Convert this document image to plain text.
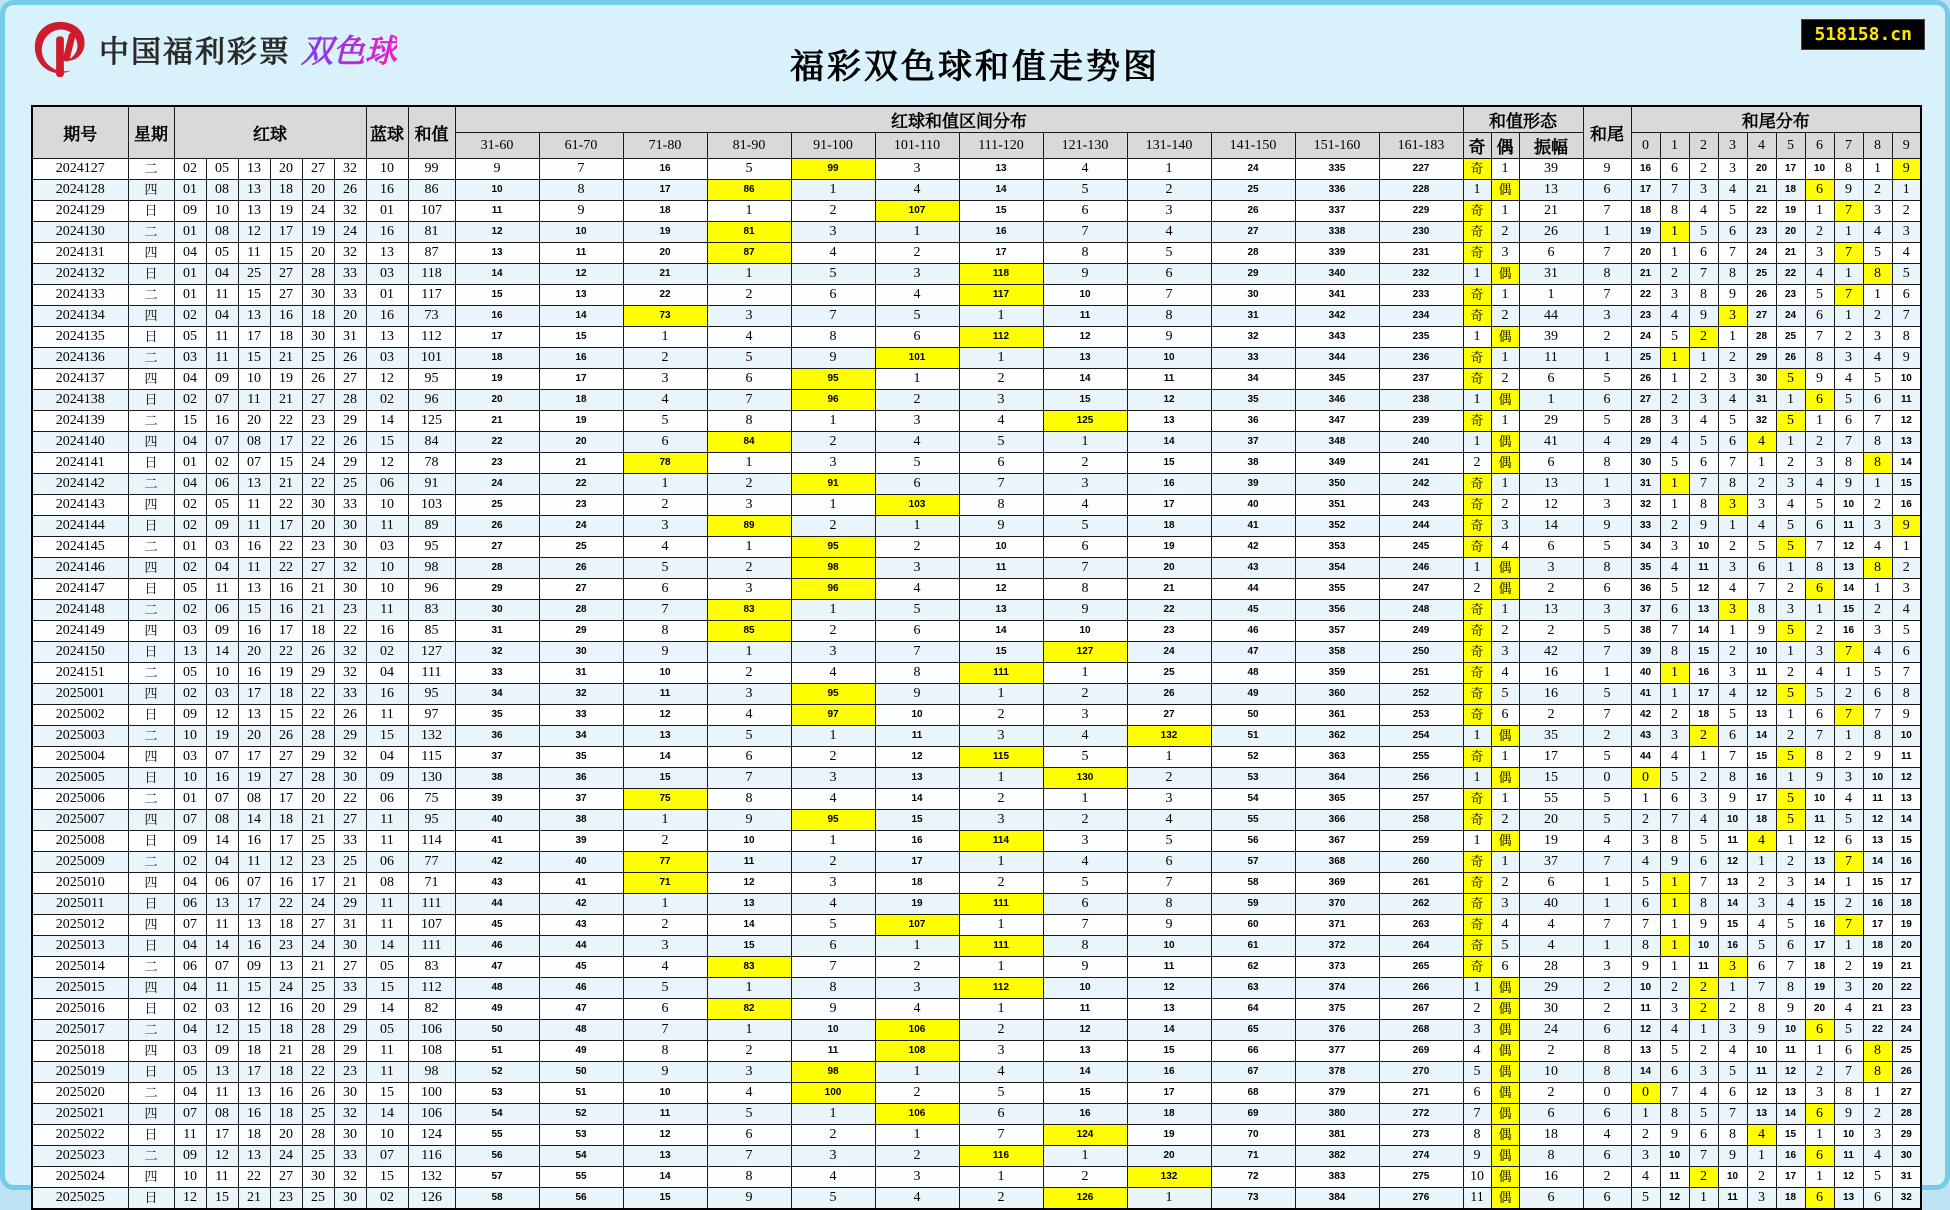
中国福利彩票 双色球	福彩双色球和值走势图
518158.cn
期号	星期	红球						蓝球	和值	红球和值区间分布												和值形态			和尾	和尾分布									
										31-60	61-70	71-80	81-90	91-100	101-110	111-120	121-130	131-140	141-150	151-160	161-183	奇	偶	振幅		0	1	2	3	4	5	6	7	8	9
2024127	二	02	05	13	20	27	32	10	99	9	7	16	5	99	3	13	4	1	24	335	227	奇	1	39	9	16	6	2	3	20	17	10	8	1	9
2024128	四	01	08	13	18	20	26	16	86	10	8	17	86	1	4	14	5	2	25	336	228	1	偶	13	6	17	7	3	4	21	18	6	9	2	1
2024129	日	09	10	13	19	24	32	01	107	11	9	18	1	2	107	15	6	3	26	337	229	奇	1	21	7	18	8	4	5	22	19	1	7	3	2
2024130	二	01	08	12	17	19	24	16	81	12	10	19	81	3	1	16	7	4	27	338	230	奇	2	26	1	19	1	5	6	23	20	2	1	4	3
2024131	四	04	05	11	15	20	32	13	87	13	11	20	87	4	2	17	8	5	28	339	231	奇	3	6	7	20	1	6	7	24	21	3	7	5	4
2024132	日	01	04	25	27	28	33	03	118	14	12	21	1	5	3	118	9	6	29	340	232	1	偶	31	8	21	2	7	8	25	22	4	1	8	5
2024133	二	01	11	15	27	30	33	01	117	15	13	22	2	6	4	117	10	7	30	341	233	奇	1	1	7	22	3	8	9	26	23	5	7	1	6
2024134	四	02	04	13	16	18	20	16	73	16	14	73	3	7	5	1	11	8	31	342	234	奇	2	44	3	23	4	9	3	27	24	6	1	2	7
2024135	日	05	11	17	18	30	31	13	112	17	15	1	4	8	6	112	12	9	32	343	235	1	偶	39	2	24	5	2	1	28	25	7	2	3	8
2024136	二	03	11	15	21	25	26	03	101	18	16	2	5	9	101	1	13	10	33	344	236	奇	1	11	1	25	1	1	2	29	26	8	3	4	9
2024137	四	04	09	10	19	26	27	12	95	19	17	3	6	95	1	2	14	11	34	345	237	奇	2	6	5	26	1	2	3	30	5	9	4	5	10
2024138	日	02	07	11	21	27	28	02	96	20	18	4	7	96	2	3	15	12	35	346	238	1	偶	1	6	27	2	3	4	31	1	6	5	6	11
2024139	二	15	16	20	22	23	29	14	125	21	19	5	8	1	3	4	125	13	36	347	239	奇	1	29	5	28	3	4	5	32	5	1	6	7	12
2024140	四	04	07	08	17	22	26	15	84	22	20	6	84	2	4	5	1	14	37	348	240	1	偶	41	4	29	4	5	6	4	1	2	7	8	13
2024141	日	01	02	07	15	24	29	12	78	23	21	78	1	3	5	6	2	15	38	349	241	2	偶	6	8	30	5	6	7	1	2	3	8	8	14
2024142	二	04	06	13	21	22	25	06	91	24	22	1	2	91	6	7	3	16	39	350	242	奇	1	13	1	31	1	7	8	2	3	4	9	1	15
2024143	四	02	05	11	22	30	33	10	103	25	23	2	3	1	103	8	4	17	40	351	243	奇	2	12	3	32	1	8	3	3	4	5	10	2	16
2024144	日	02	09	11	17	20	30	11	89	26	24	3	89	2	1	9	5	18	41	352	244	奇	3	14	9	33	2	9	1	4	5	6	11	3	9
2024145	二	01	03	16	22	23	30	03	95	27	25	4	1	95	2	10	6	19	42	353	245	奇	4	6	5	34	3	10	2	5	5	7	12	4	1
2024146	四	02	04	11	22	27	32	10	98	28	26	5	2	98	3	11	7	20	43	354	246	1	偶	3	8	35	4	11	3	6	1	8	13	8	2
2024147	日	05	11	13	16	21	30	10	96	29	27	6	3	96	4	12	8	21	44	355	247	2	偶	2	6	36	5	12	4	7	2	6	14	1	3
2024148	二	02	06	15	16	21	23	11	83	30	28	7	83	1	5	13	9	22	45	356	248	奇	1	13	3	37	6	13	3	8	3	1	15	2	4
2024149	四	03	09	16	17	18	22	16	85	31	29	8	85	2	6	14	10	23	46	357	249	奇	2	2	5	38	7	14	1	9	5	2	16	3	5
2024150	日	13	14	20	22	26	32	02	127	32	30	9	1	3	7	15	127	24	47	358	250	奇	3	42	7	39	8	15	2	10	1	3	7	4	6
2024151	二	05	10	16	19	29	32	04	111	33	31	10	2	4	8	111	1	25	48	359	251	奇	4	16	1	40	1	16	3	11	2	4	1	5	7
2025001	四	02	03	17	18	22	33	16	95	34	32	11	3	95	9	1	2	26	49	360	252	奇	5	16	5	41	1	17	4	12	5	5	2	6	8
2025002	日	09	12	13	15	22	26	11	97	35	33	12	4	97	10	2	3	27	50	361	253	奇	6	2	7	42	2	18	5	13	1	6	7	7	9
2025003	二	10	19	20	26	28	29	15	132	36	34	13	5	1	11	3	4	132	51	362	254	1	偶	35	2	43	3	2	6	14	2	7	1	8	10
2025004	四	03	07	17	27	29	32	04	115	37	35	14	6	2	12	115	5	1	52	363	255	奇	1	17	5	44	4	1	7	15	5	8	2	9	11
2025005	日	10	16	19	27	28	30	09	130	38	36	15	7	3	13	1	130	2	53	364	256	1	偶	15	0	0	5	2	8	16	1	9	3	10	12
2025006	二	01	07	08	17	20	22	06	75	39	37	75	8	4	14	2	1	3	54	365	257	奇	1	55	5	1	6	3	9	17	5	10	4	11	13
2025007	四	07	08	14	18	21	27	11	95	40	38	1	9	95	15	3	2	4	55	366	258	奇	2	20	5	2	7	4	10	18	5	11	5	12	14
2025008	日	09	14	16	17	25	33	11	114	41	39	2	10	1	16	114	3	5	56	367	259	1	偶	19	4	3	8	5	11	4	1	12	6	13	15
2025009	二	02	04	11	12	23	25	06	77	42	40	77	11	2	17	1	4	6	57	368	260	奇	1	37	7	4	9	6	12	1	2	13	7	14	16
2025010	四	04	06	07	16	17	21	08	71	43	41	71	12	3	18	2	5	7	58	369	261	奇	2	6	1	5	1	7	13	2	3	14	1	15	17
2025011	日	06	13	17	22	24	29	11	111	44	42	1	13	4	19	111	6	8	59	370	262	奇	3	40	1	6	1	8	14	3	4	15	2	16	18
2025012	四	07	11	13	18	27	31	11	107	45	43	2	14	5	107	1	7	9	60	371	263	奇	4	4	7	7	1	9	15	4	5	16	7	17	19
2025013	日	04	14	16	23	24	30	14	111	46	44	3	15	6	1	111	8	10	61	372	264	奇	5	4	1	8	1	10	16	5	6	17	1	18	20
2025014	二	06	07	09	13	21	27	05	83	47	45	4	83	7	2	1	9	11	62	373	265	奇	6	28	3	9	1	11	3	6	7	18	2	19	21
2025015	四	04	11	15	24	25	33	15	112	48	46	5	1	8	3	112	10	12	63	374	266	1	偶	29	2	10	2	2	1	7	8	19	3	20	22
2025016	日	02	03	12	16	20	29	14	82	49	47	6	82	9	4	1	11	13	64	375	267	2	偶	30	2	11	3	2	2	8	9	20	4	21	23
2025017	二	04	12	15	18	28	29	05	106	50	48	7	1	10	106	2	12	14	65	376	268	3	偶	24	6	12	4	1	3	9	10	6	5	22	24
2025018	四	03	09	18	21	28	29	11	108	51	49	8	2	11	108	3	13	15	66	377	269	4	偶	2	8	13	5	2	4	10	11	1	6	8	25
2025019	日	05	13	17	18	22	23	11	98	52	50	9	3	98	1	4	14	16	67	378	270	5	偶	10	8	14	6	3	5	11	12	2	7	8	26
2025020	二	04	11	13	16	26	30	15	100	53	51	10	4	100	2	5	15	17	68	379	271	6	偶	2	0	0	7	4	6	12	13	3	8	1	27
2025021	四	07	08	16	18	25	32	14	106	54	52	11	5	1	106	6	16	18	69	380	272	7	偶	6	6	1	8	5	7	13	14	6	9	2	28
2025022	日	11	17	18	20	28	30	10	124	55	53	12	6	2	1	7	124	19	70	381	273	8	偶	18	4	2	9	6	8	4	15	1	10	3	29
2025023	二	09	12	13	24	25	33	07	116	56	54	13	7	3	2	116	1	20	71	382	274	9	偶	8	6	3	10	7	9	1	16	6	11	4	30
2025024	四	10	11	22	27	30	32	15	132	57	55	14	8	4	3	1	2	132	72	383	275	10	偶	16	2	4	11	2	10	2	17	1	12	5	31
2025025	日	12	15	21	23	25	30	02	126	58	56	15	9	5	4	2	126	1	73	384	276	11	偶	6	6	5	12	1	11	3	18	6	13	6	32
